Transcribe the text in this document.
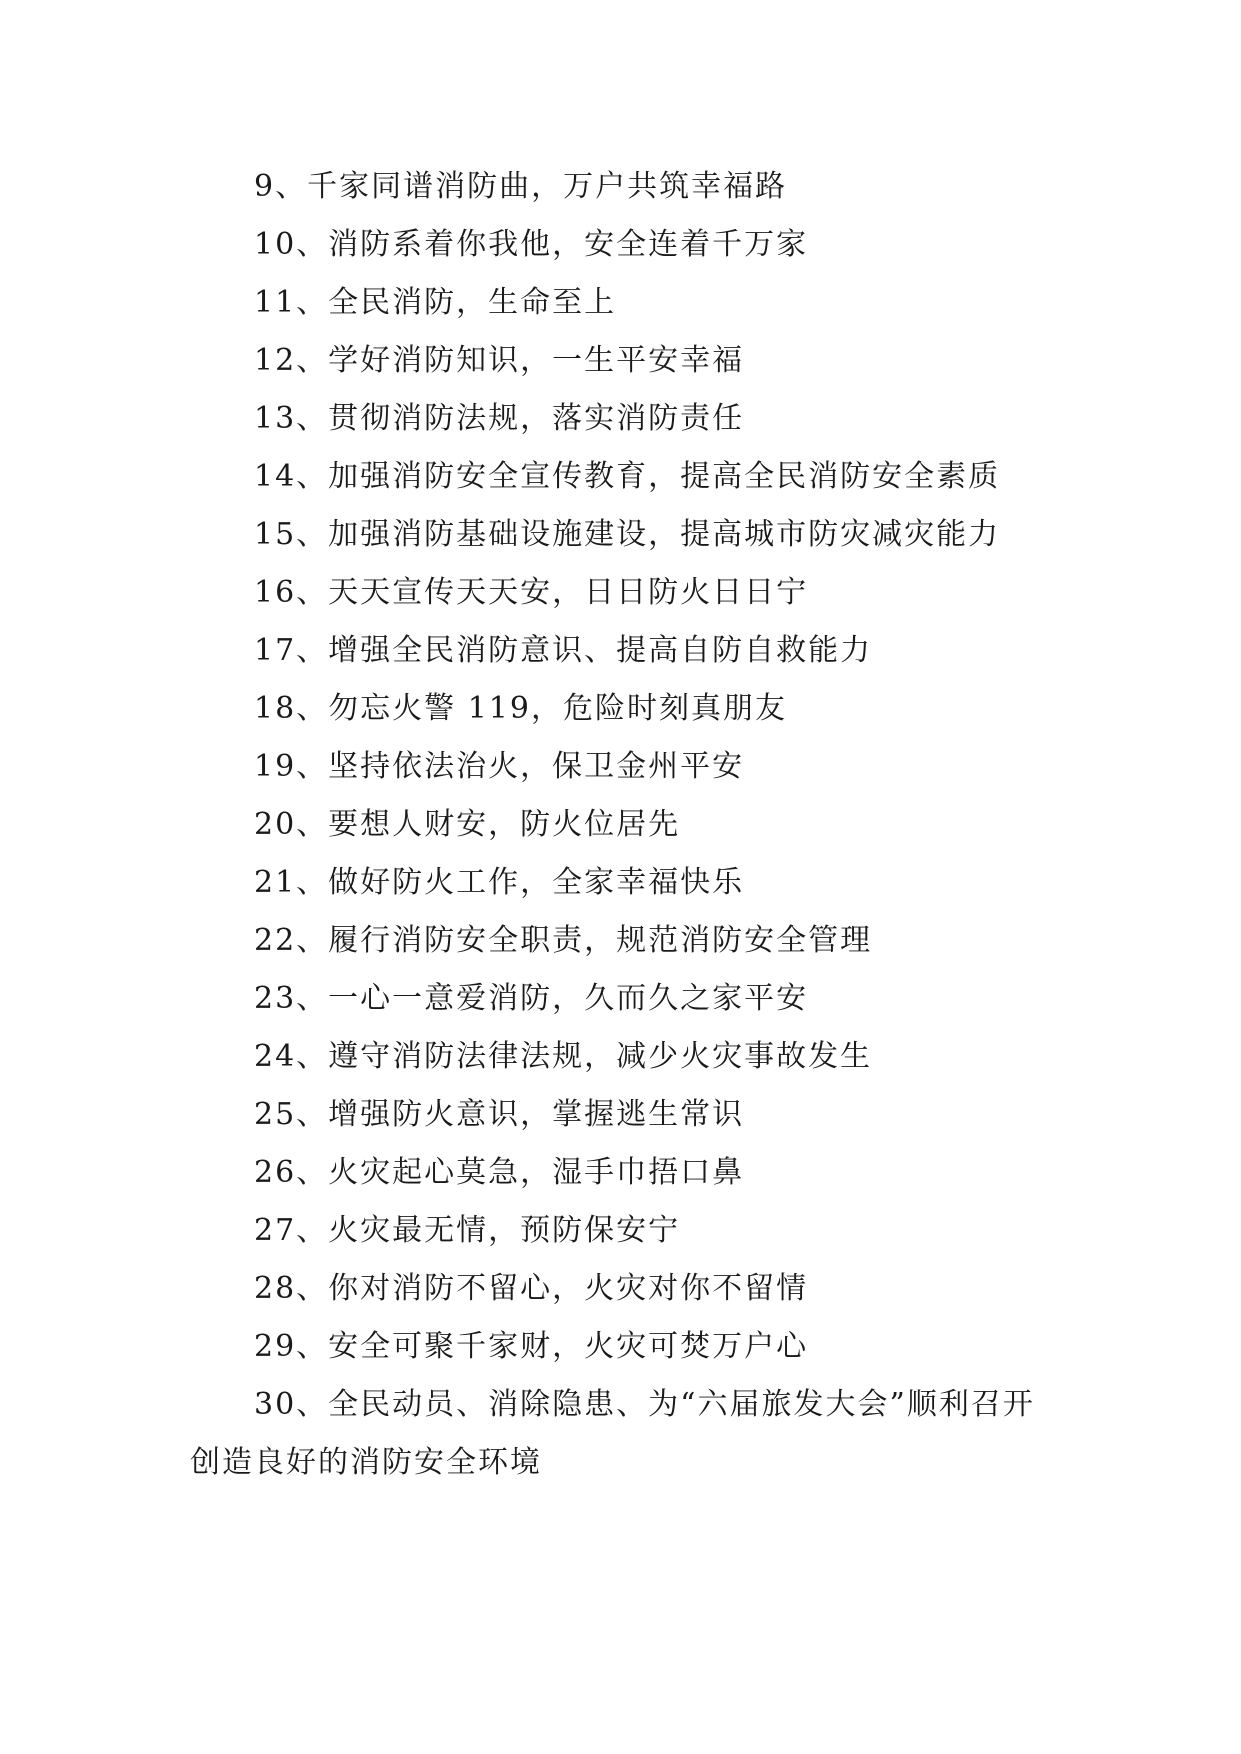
9、千家同谱消防曲，万户共筑幸福路
10、消防系着你我他，安全连着千万家
11、全民消防，生命至上
12、学好消防知识，一生平安幸福
13、贯彻消防法规，落实消防责任
14、加强消防安全宣传教育，提高全民消防安全素质
15、加强消防基础设施建设，提高城市防灾减灾能力
16、天天宣传天天安，日日防火日日宁
17、增强全民消防意识、提高自防自救能力
18、勿忘火警 119，危险时刻真朋友
19、坚持依法治火，保卫金州平安
20、要想人财安，防火位居先
21、做好防火工作，全家幸福快乐
22、履行消防安全职责，规范消防安全管理
23、一心一意爱消防，久而久之家平安
24、遵守消防法律法规，减少火灾事故发生
25、增强防火意识，掌握逃生常识
26、火灾起心莫急，湿手巾捂口鼻
27、火灾最无情，预防保安宁
28、你对消防不留心，火灾对你不留情
29、安全可聚千家财，火灾可焚万户心

30、全民动员、消除隐患、为“六届旅发大会”顺利召开创造良好的消防安全环境
